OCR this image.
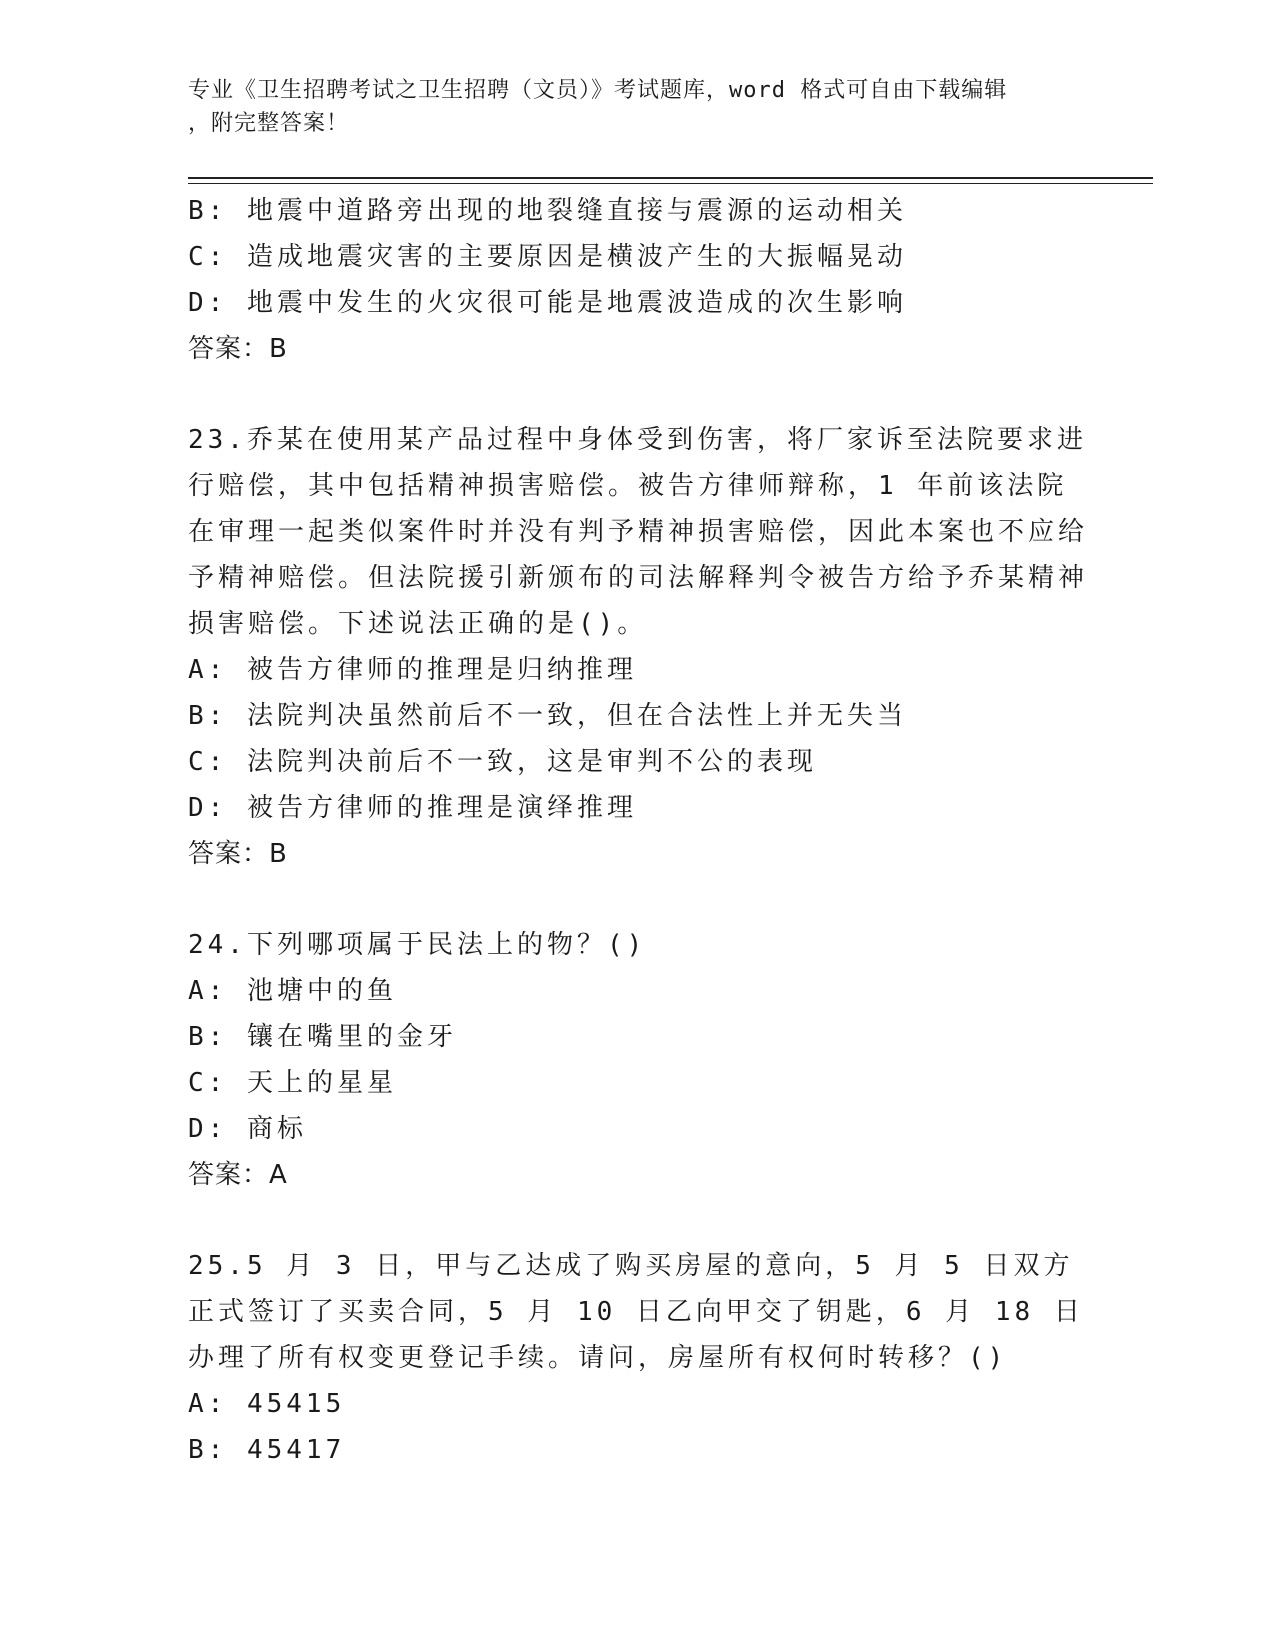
专业《卫生招聘考试之卫生招聘（文员）》考试题库，word 格式可自由下载编辑
，附完整答案！

B: 地震中道路旁出现的地裂缝直接与震源的运动相关

C: 造成地震灾害的主要原因是横波产生的大振幅晃动

D: 地震中发生的火灾很可能是地震波造成的次生影响

答案：B

23.乔某在使用某产品过程中身体受到伤害，将厂家诉至法院要求进行赔偿，其中包括精神损害赔偿。被告方律师辩称，1 年前该法院在审理一起类似案件时并没有判予精神损害赔偿，因此本案也不应给予精神赔偿。但法院援引新颁布的司法解释判令被告方给予乔某精神损害赔偿。下述说法正确的是()。

A: 被告方律师的推理是归纳推理

B: 法院判决虽然前后不一致，但在合法性上并无失当

C: 法院判决前后不一致，这是审判不公的表现

D: 被告方律师的推理是演绎推理

答案：B

24.下列哪项属于民法上的物？()

A: 池塘中的鱼

B: 镶在嘴里的金牙

C: 天上的星星

D: 商标

答案：A

25.5 月 3 日，甲与乙达成了购买房屋的意向，5 月 5 日双方正式签订了买卖合同，5 月 10 日乙向甲交了钥匙，6 月 18 日办理了所有权变更登记手续。请问，房屋所有权何时转移？()

A: 45415

B: 45417
